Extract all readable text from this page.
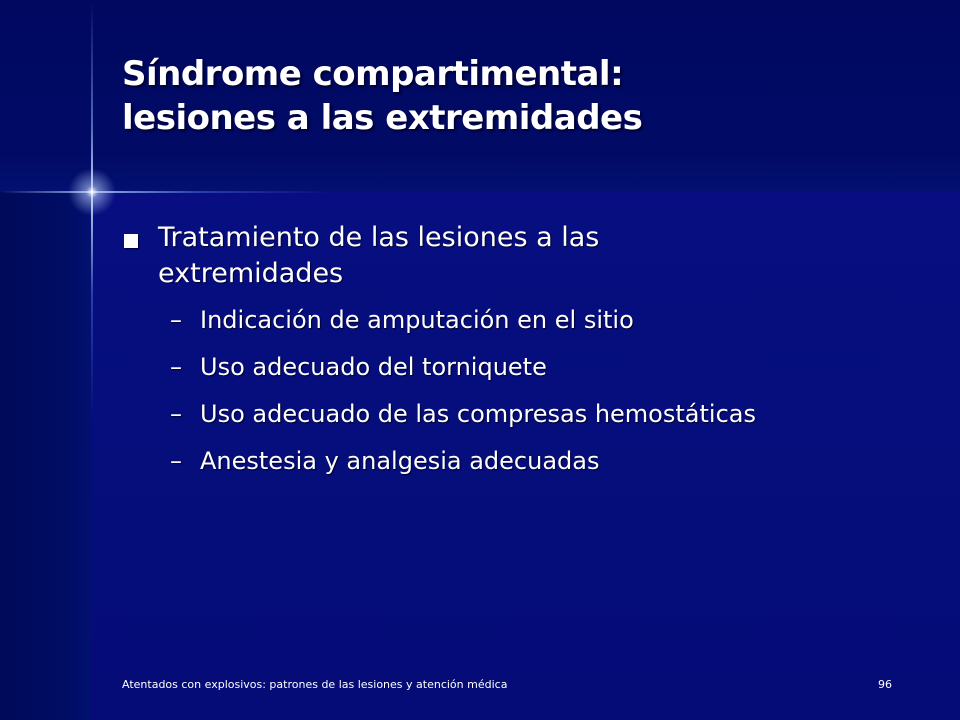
Síndrome compartimental:
lesiones a las extremidades
Tratamiento de las lesiones a las
extremidades
– Indicación de amputación en el sitio
– Uso adecuado del torniquete
– Uso adecuado de las compresas hemostáticas
– Anestesia y analgesia adecuadas
Atentados con explosivos: patrones de las lesiones y atención médica	96
